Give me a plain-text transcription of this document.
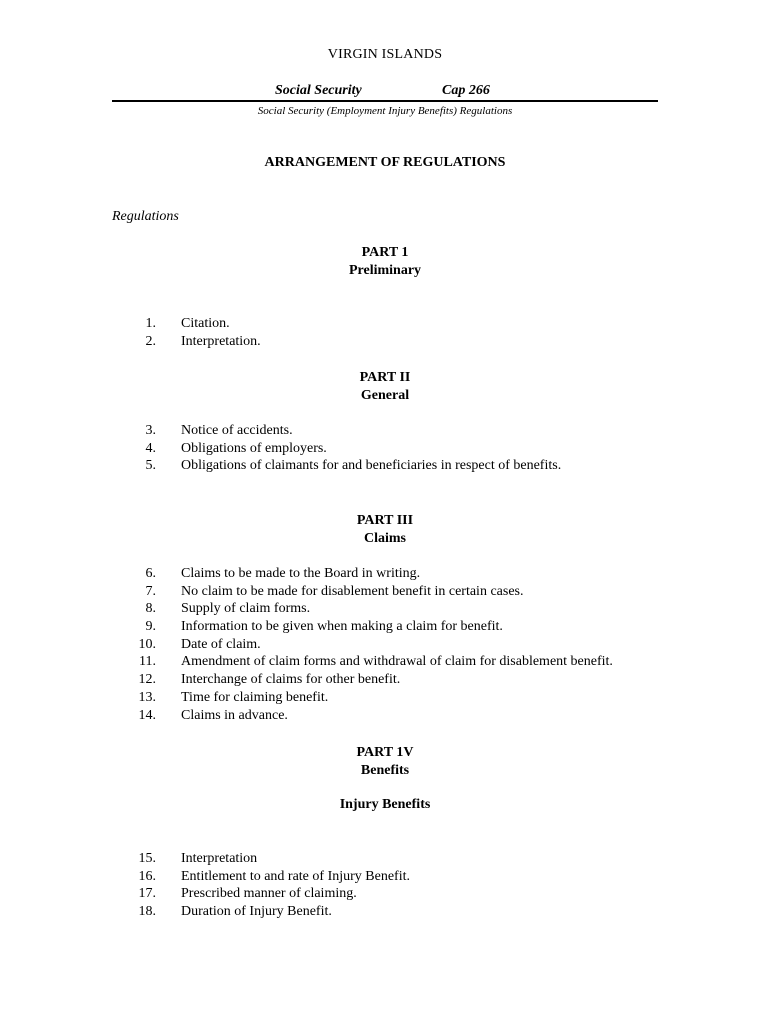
VIRGIN ISLANDS
Social Security	Cap 266
Social Security (Employment Injury Benefits) Regulations
ARRANGEMENT OF REGULATIONS
Regulations
PART 1
Preliminary
1. Citation.
2. Interpretation.
PART II
General
3. Notice of accidents.
4. Obligations of employers.
5. Obligations of claimants for and beneficiaries in respect of benefits.
PART III
Claims
6. Claims to be made to the Board in writing.
7. No claim to be made for disablement benefit in certain cases.
8. Supply of claim forms.
9. Information to be given when making a claim for benefit.
10. Date of claim.
11. Amendment of claim forms and withdrawal of claim for disablement benefit.
12. Interchange of claims for other benefit.
13. Time for claiming benefit.
14. Claims in advance.
PART 1V
Benefits
Injury Benefits
15. Interpretation
16. Entitlement to and rate of Injury Benefit.
17. Prescribed manner of claiming.
18. Duration of Injury Benefit.
